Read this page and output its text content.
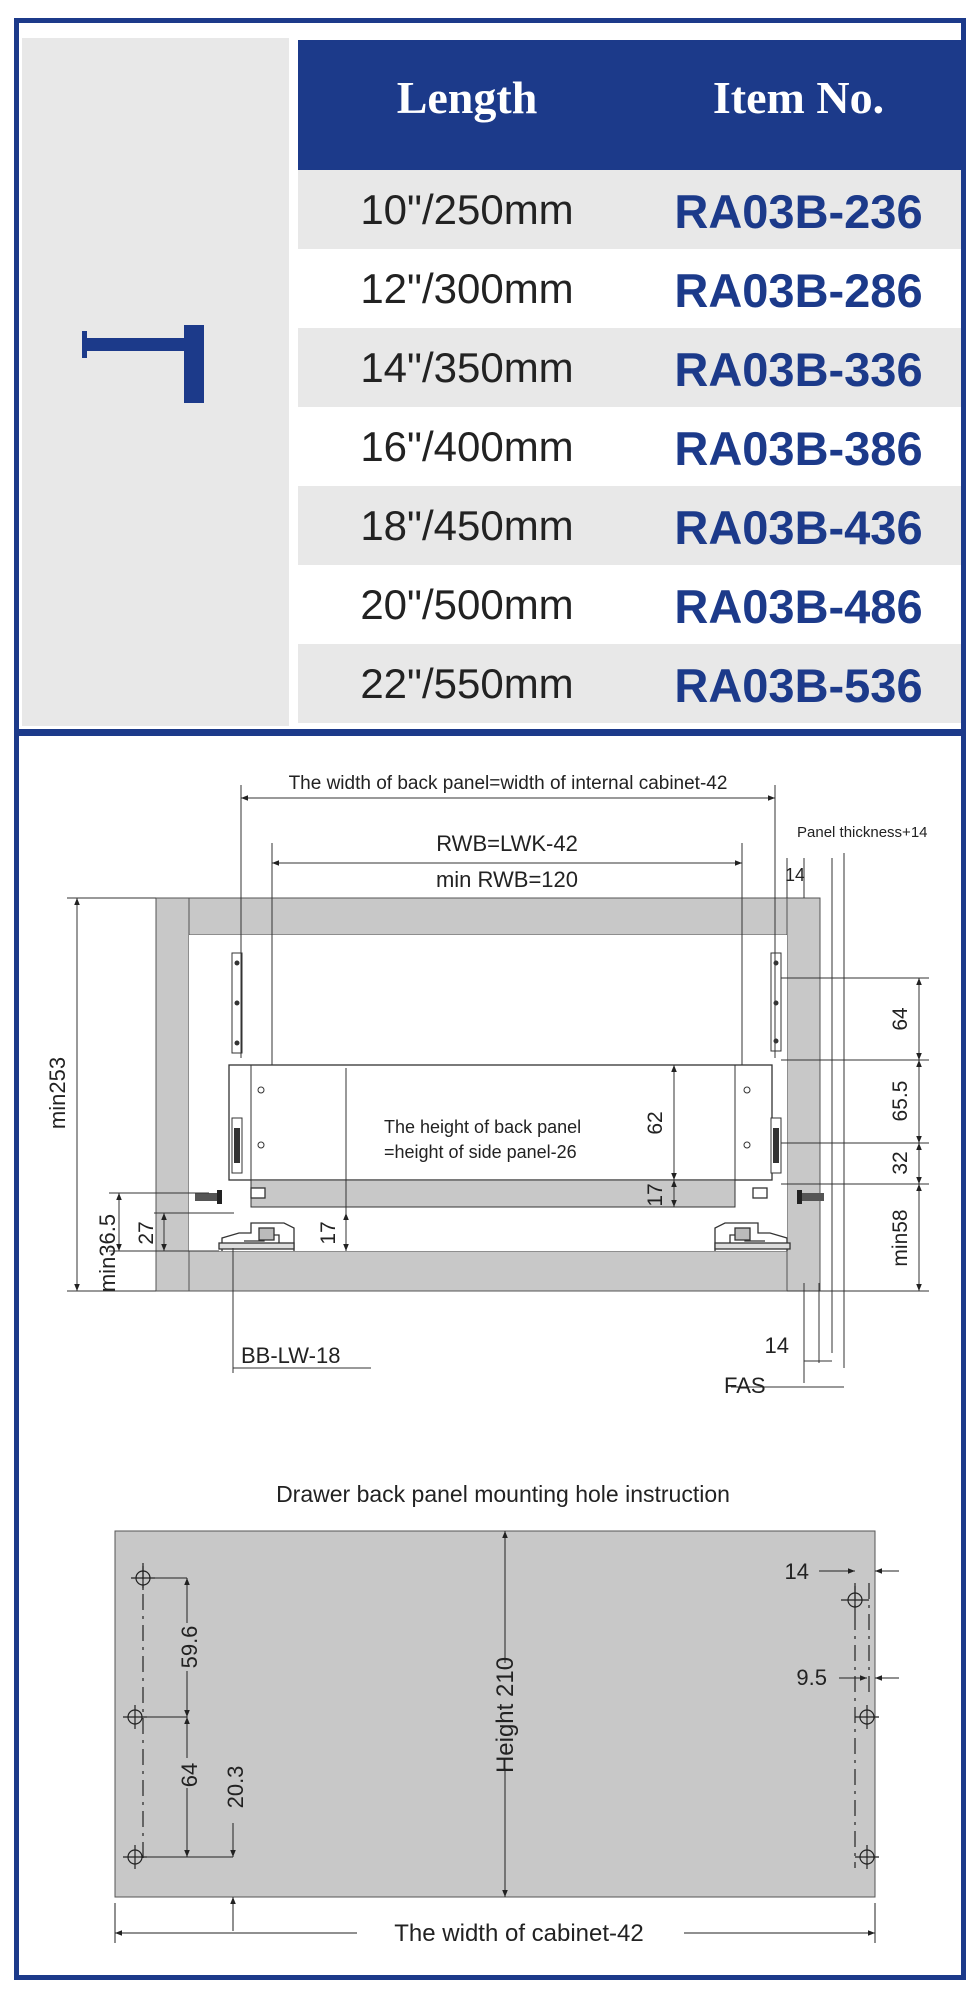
Length	Item No.
10"/250mm	RA03B-236
12"/300mm	RA03B-286
14"/350mm	RA03B-336
16"/400mm	RA03B-386
18"/450mm	RA03B-436
20"/500mm	RA03B-486
22"/550mm	RA03B-536
The width of back panel=width of internal cabinet-42
RWB=LWK-42
min RWB=120
Panel thickness+14
14
min253
min36.5 27	17
62
17
The height of back panel
=height of side panel-26
64
65.5
32
min58
BB-LW-18	14
FAS
Drawer back panel mounting hole instruction
59.6
64 20.3
Height 210
14
9.5
The width of cabinet-42
